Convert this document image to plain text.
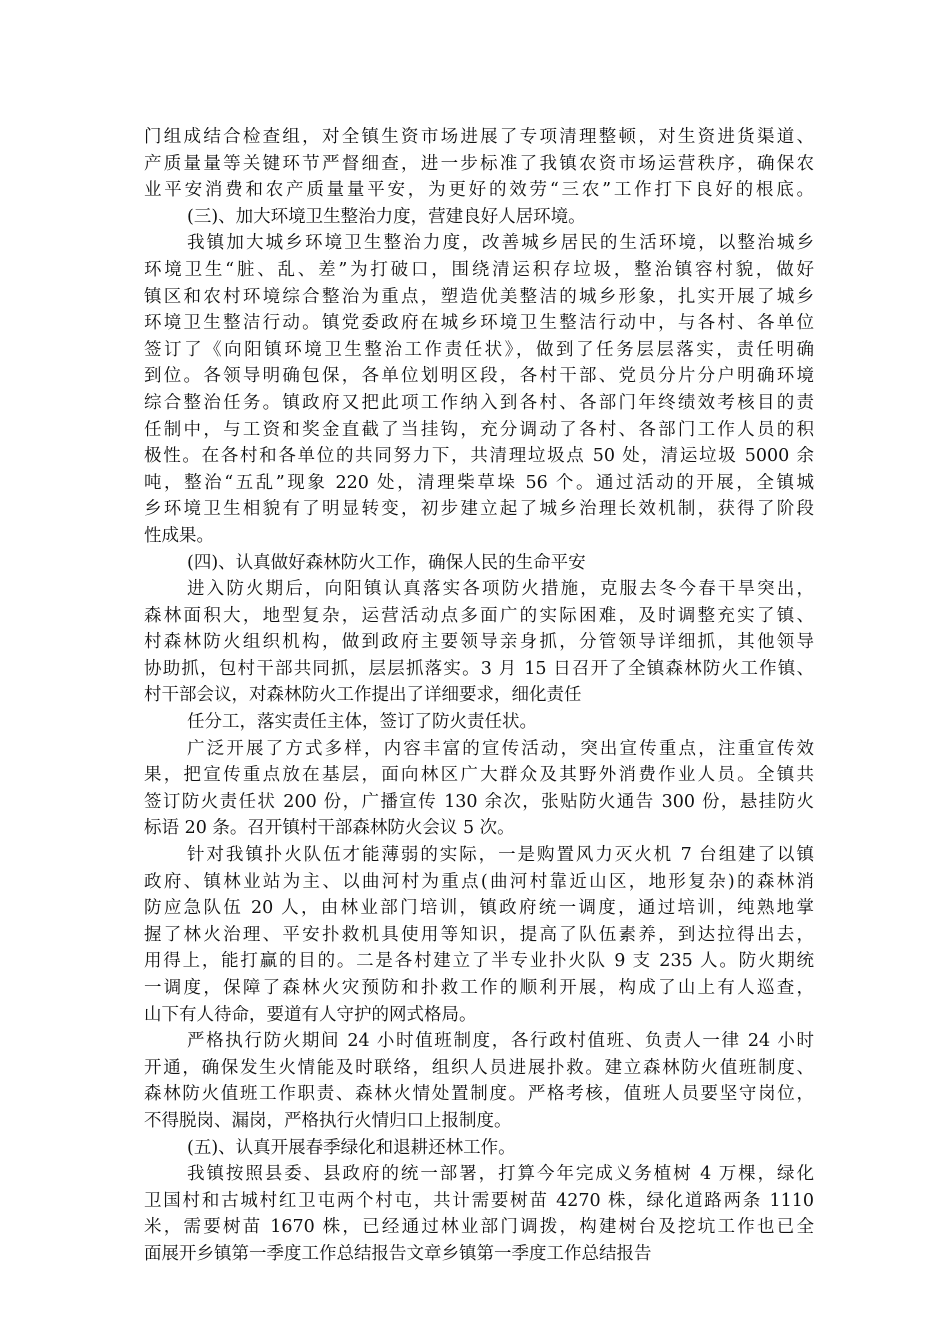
门组成结合检查组，对全镇生资市场进展了专项清理整顿，对生资进货渠道、
产质量量等关键环节严督细查，进一步标准了我镇农资市场运营秩序，确保农
业平安消费和农产质量量平安，为更好的效劳“三农”工作打下良好的根底。
(三)、加大环境卫生整治力度，营建良好人居环境。
我镇加大城乡环境卫生整治力度，改善城乡居民的生活环境，以整治城乡
环境卫生“脏、乱、差”为打破口，围绕清运积存垃圾，整治镇容村貌，做好
镇区和农村环境综合整治为重点，塑造优美整洁的城乡形象，扎实开展了城乡
环境卫生整洁行动。镇党委政府在城乡环境卫生整洁行动中，与各村、各单位
签订了《向阳镇环境卫生整治工作责任状》，做到了任务层层落实，责任明确
到位。各领导明确包保，各单位划明区段，各村干部、党员分片分户明确环境
综合整治任务。镇政府又把此项工作纳入到各村、各部门年终绩效考核目的责
任制中，与工资和奖金直截了当挂钩，充分调动了各村、各部门工作人员的积
极性。在各村和各单位的共同努力下，共清理垃圾点 50 处，清运垃圾 5000 余
吨，整治“五乱”现象 220 处，清理柴草垛 56 个。通过活动的开展，全镇城
乡环境卫生相貌有了明显转变，初步建立起了城乡治理长效机制，获得了阶段
性成果。
(四)、认真做好森林防火工作，确保人民的生命平安
进入防火期后，向阳镇认真落实各项防火措施，克服去冬今春干旱突出，
森林面积大，地型复杂，运营活动点多面广的实际困难，及时调整充实了镇、
村森林防火组织机构，做到政府主要领导亲身抓，分管领导详细抓，其他领导
协助抓，包村干部共同抓，层层抓落实。3 月 15 日召开了全镇森林防火工作镇、
村干部会议，对森林防火工作提出了详细要求，细化责任
任分工，落实责任主体，签订了防火责任状。
广泛开展了方式多样，内容丰富的宣传活动，突出宣传重点，注重宣传效
果，把宣传重点放在基层，面向林区广大群众及其野外消费作业人员。全镇共
签订防火责任状 200 份，广播宣传 130 余次，张贴防火通告 300 份，悬挂防火
标语 20 条。召开镇村干部森林防火会议 5 次。
针对我镇扑火队伍才能薄弱的实际，一是购置风力灭火机 7 台组建了以镇
政府、镇林业站为主、以曲河村为重点(曲河村靠近山区，地形复杂)的森林消
防应急队伍 20 人，由林业部门培训，镇政府统一调度，通过培训，纯熟地掌
握了林火治理、平安扑救机具使用等知识，提高了队伍素养，到达拉得出去，
用得上，能打赢的目的。二是各村建立了半专业扑火队 9 支 235 人。防火期统
一调度，保障了森林火灾预防和扑救工作的顺利开展，构成了山上有人巡查，
山下有人待命，要道有人守护的网式格局。
严格执行防火期间 24 小时值班制度，各行政村值班、负责人一律 24 小时
开通，确保发生火情能及时联络，组织人员进展扑救。建立森林防火值班制度、
森林防火值班工作职责、森林火情处置制度。严格考核，值班人员要坚守岗位，
不得脱岗、漏岗，严格执行火情归口上报制度。
(五)、认真开展春季绿化和退耕还林工作。
我镇按照县委、县政府的统一部署，打算今年完成义务植树 4 万棵，绿化
卫国村和古城村红卫屯两个村屯，共计需要树苗 4270 株，绿化道路两条 1110
米，需要树苗 1670 株，已经通过林业部门调拨，构建树台及挖坑工作也已全
面展开乡镇第一季度工作总结报告文章乡镇第一季度工作总结报告
